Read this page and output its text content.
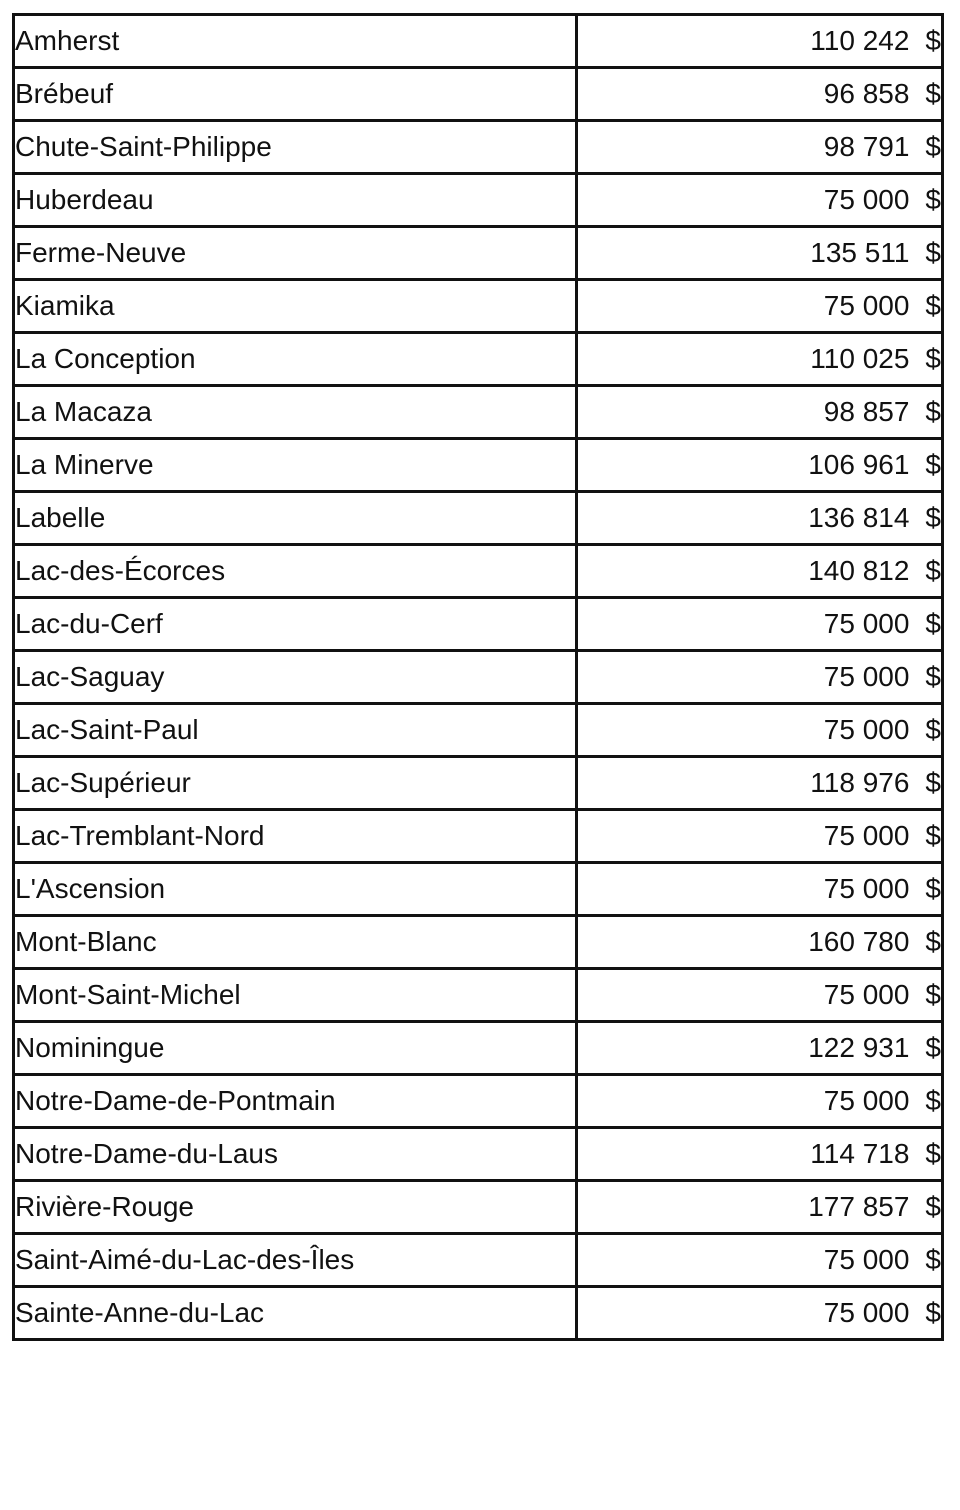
Amherst	110 242 $
Brébeuf	96 858 $
Chute-Saint-Philippe	98 791 $
Huberdeau	75 000 $
Ferme-Neuve	135 511 $
Kiamika	75 000 $
La Conception	110 025 $
La Macaza	98 857 $
La Minerve	106 961 $
Labelle	136 814 $
Lac-des-Écorces	140 812 $
Lac-du-Cerf	75 000 $
Lac-Saguay	75 000 $
Lac-Saint-Paul	75 000 $
Lac-Supérieur	118 976 $
Lac-Tremblant-Nord	75 000 $
L'Ascension	75 000 $
Mont-Blanc	160 780 $
Mont-Saint-Michel	75 000 $
Nominingue	122 931 $
Notre-Dame-de-Pontmain	75 000 $
Notre-Dame-du-Laus	114 718 $
Rivière-Rouge	177 857 $
Saint-Aimé-du-Lac-des-Îles	75 000 $
Sainte-Anne-du-Lac	75 000 $
